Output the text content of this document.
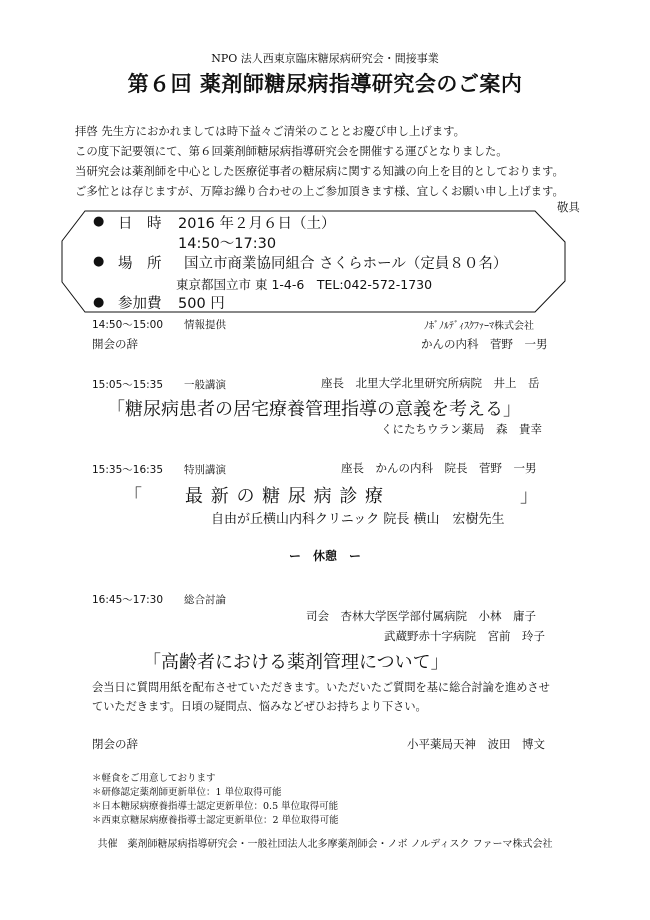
NPO 法人西東京臨床糖尿病研究会・間接事業
第６回 薬剤師糖尿病指導研究会のご案内
拝啓 先生方におかれましては時下益々ご清栄のこととお慶び申し上げます。
この度下記要領にて、第６回薬剤師糖尿病指導研究会を開催する運びとなりました。
当研究会は薬剤師を中心とした医療従事者の糖尿病に関する知識の向上を目的としております。
ご多忙とは存じますが、万障お繰り合わせの上ご参加頂きます様、宜しくお願い申し上げます。
敬具
● 日　時 2016 年２月６日（土）
14:50～17:30
● 場　所 国立市商業協同組合 さくらホール（定員８０名）
東京都国立市 東 1-4-6　TEL:042-572-1730
● 参加費 500 円
14:50～15:00 情報提供	ﾉﾎﾞﾉﾙﾃﾞｨｽｸﾌｧｰﾏ株式会社
開会の辞	かんの内科　菅野　一男
15:05～15:35 一般講演	座長　北里大学北里研究所病院　井上　岳
「糖尿病患者の居宅療養管理指導の意義を考える」
くにたちウラン薬局　森　貴幸
15:35～16:35 特別講演	座長　かんの内科　院長　菅野　一男
「 最 新 の 糖 尿 病 診 療	」
自由が丘横山内科クリニック 院長 横山　宏樹先生
ー　休憩　ー
16:45～17:30 総合討論
司会　杏林大学医学部付属病院　小林　庸子
武蔵野赤十字病院　宮前　玲子
「高齢者における薬剤管理について」
会当日に質問用紙を配布させていただきます。いただいたご質問を基に総合討論を進めさせ
ていただきます。日頃の疑問点、悩みなどぜひお持ちより下さい。
閉会の辞	小平薬局天神　波田　博文
＊軽食をご用意しております
＊研修認定薬剤師更新単位：1 単位取得可能
＊日本糖尿病療養指導士認定更新単位：0.5 単位取得可能
＊西東京糖尿病療養指導士認定更新単位：2 単位取得可能
共催　薬剤師糖尿病指導研究会・一般社団法人北多摩薬剤師会・ノボ ノルディスク ファーマ株式会社
